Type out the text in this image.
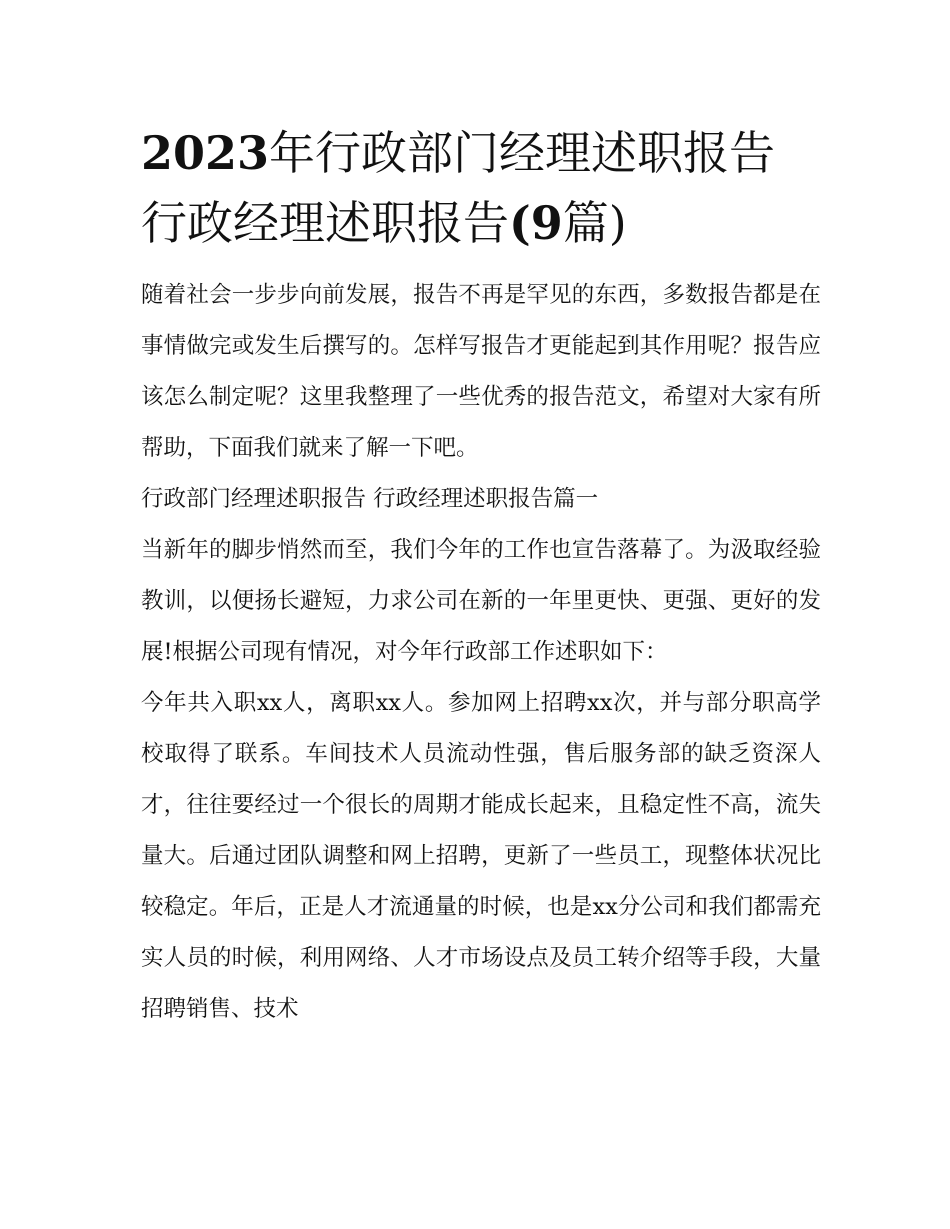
2023年行政部门经理述职报告
行政经理述职报告(9篇)

随着社会一步步向前发展，报告不再是罕见的东西，多数报告都是在事情做完或发生后撰写的。怎样写报告才更能起到其作用呢？报告应该怎么制定呢？这里我整理了一些优秀的报告范文，希望对大家有所帮助，下面我们就来了解一下吧。

行政部门经理述职报告 行政经理述职报告篇一

当新年的脚步悄然而至，我们今年的工作也宣告落幕了。为汲取经验教训，以便扬长避短，力求公司在新的一年里更快、更强、更好的发展!根据公司现有情况，对今年行政部工作述职如下：

今年共入职xx人，离职xx人。参加网上招聘xx次，并与部分职高学校取得了联系。车间技术人员流动性强，售后服务部的缺乏资深人才，往往要经过一个很长的周期才能成长起来，且稳定性不高，流失量大。后通过团队调整和网上招聘，更新了一些员工，现整体状况比较稳定。年后，正是人才流通量的时候，也是xx分公司和我们都需充实人员的时候，利用网络、人才市场设点及员工转介绍等手段，大量招聘销售、技术
